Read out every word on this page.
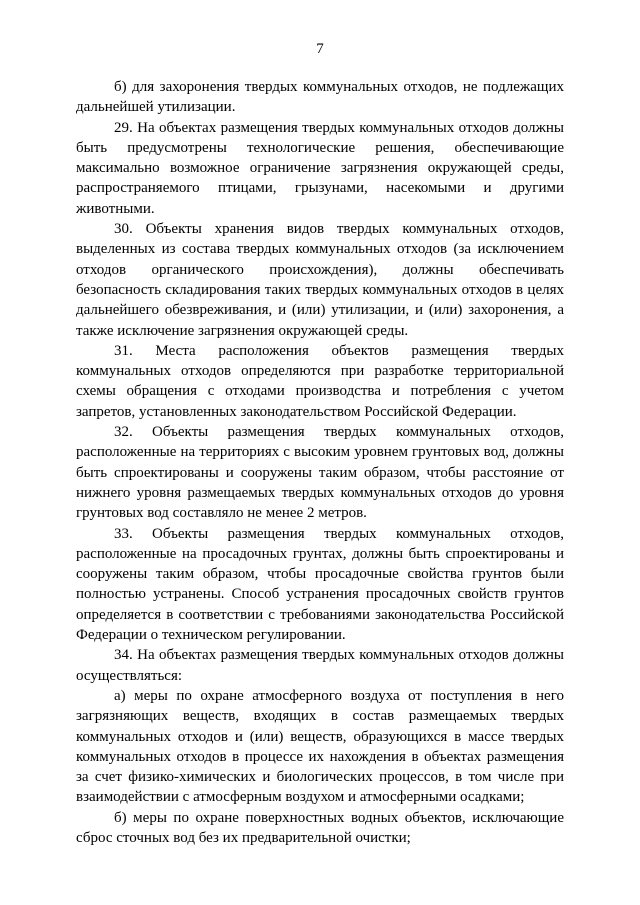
7

б) для захоронения твердых коммунальных отходов, не подлежащих дальнейшей утилизации.

29. На объектах размещения твердых коммунальных отходов должны быть предусмотрены технологические решения, обеспечивающие максимально возможное ограничение загрязнения окружающей среды, распространяемого птицами, грызунами, насекомыми и другими животными.

30. Объекты хранения видов твердых коммунальных отходов, выделенных из состава твердых коммунальных отходов (за исключением отходов органического происхождения), должны обеспечивать безопасность складирования таких твердых коммунальных отходов в целях дальнейшего обезвреживания, и (или) утилизации, и (или) захоронения, а также исключение загрязнения окружающей среды.

31. Места расположения объектов размещения твердых коммунальных отходов определяются при разработке территориальной схемы обращения с отходами производства и потребления с учетом запретов, установленных законодательством Российской Федерации.

32. Объекты размещения твердых коммунальных отходов, расположенные на территориях с высоким уровнем грунтовых вод, должны быть спроектированы и сооружены таким образом, чтобы расстояние от нижнего уровня размещаемых твердых коммунальных отходов до уровня грунтовых вод составляло не менее 2 метров.

33. Объекты размещения твердых коммунальных отходов, расположенные на просадочных грунтах, должны быть спроектированы и сооружены таким образом, чтобы просадочные свойства грунтов были полностью устранены. Способ устранения просадочных свойств грунтов определяется в соответствии с требованиями законодательства Российской Федерации о техническом регулировании.

34. На объектах размещения твердых коммунальных отходов должны осуществляться:

а) меры по охране атмосферного воздуха от поступления в него загрязняющих веществ, входящих в состав размещаемых твердых коммунальных отходов и (или) веществ, образующихся в массе твердых коммунальных отходов в процессе их нахождения в объектах размещения за счет физико-химических и биологических процессов, в том числе при взаимодействии с атмосферным воздухом и атмосферными осадками;

б) меры по охране поверхностных водных объектов, исключающие сброс сточных вод без их предварительной очистки;
